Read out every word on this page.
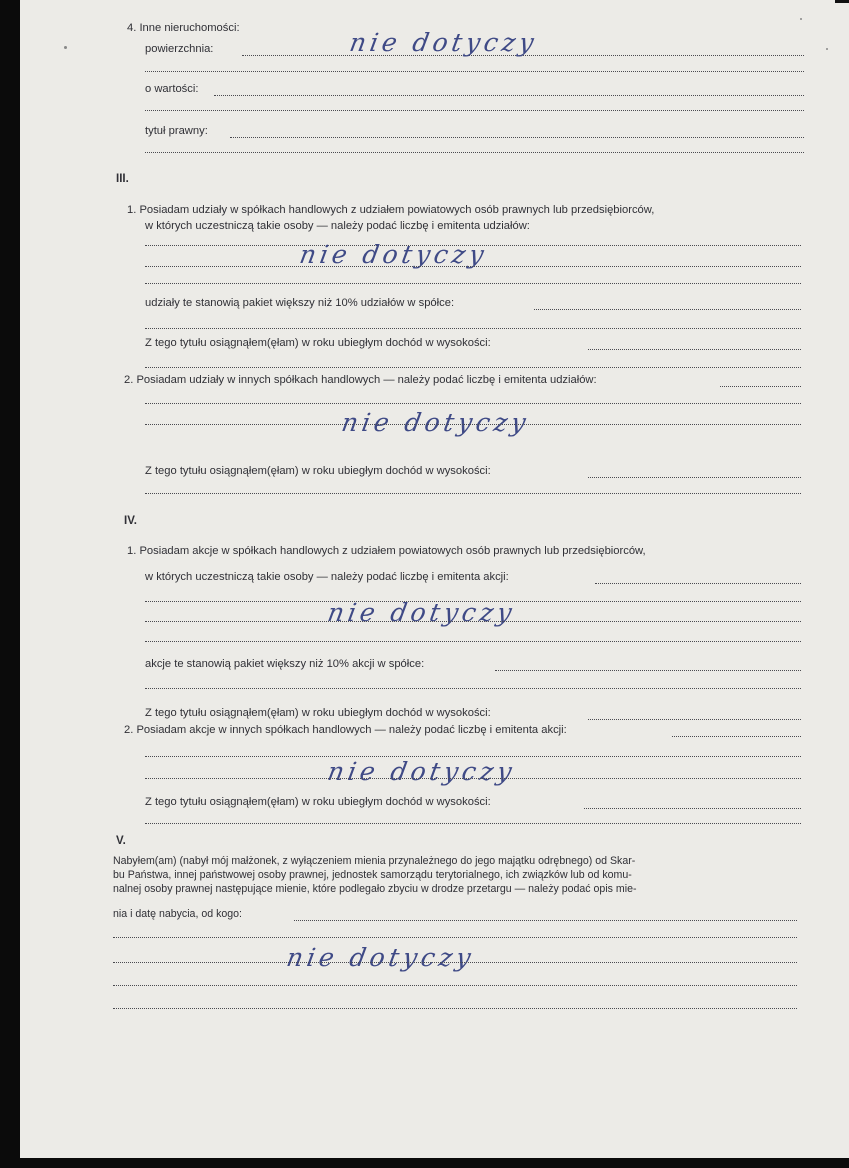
4. Inne nieruchomości:
powierzchnia:	nie dotyczy
o wartości:
tytuł prawny:
III.
1. Posiadam udziały w spółkach handlowych z udziałem powiatowych osób prawnych lub przedsiębiorców,
w których uczestniczą takie osoby — należy podać liczbę i emitenta udziałów:
nie dotyczy
udziały te stanowią pakiet większy niż 10% udziałów w spółce:
Z tego tytułu osiągnąłem(ęłam) w roku ubiegłym dochód w wysokości:
2. Posiadam udziały w innych spółkach handlowych — należy podać liczbę i emitenta udziałów:
nie dotyczy
Z tego tytułu osiągnąłem(ęłam) w roku ubiegłym dochód w wysokości:
IV.
1. Posiadam akcje w spółkach handlowych z udziałem powiatowych osób prawnych lub przedsiębiorców,
w których uczestniczą takie osoby — należy podać liczbę i emitenta akcji:
nie dotyczy
akcje te stanowią pakiet większy niż 10% akcji w spółce:
Z tego tytułu osiągnąłem(ęłam) w roku ubiegłym dochód w wysokości:
2. Posiadam akcje w innych spółkach handlowych — należy podać liczbę i emitenta akcji:
nie dotyczy
Z tego tytułu osiągnąłem(ęłam) w roku ubiegłym dochód w wysokości:
V.
Nabyłem(am) (nabył mój małżonek, z wyłączeniem mienia przynależnego do jego majątku odrębnego) od Skar-
bu Państwa, innej państwowej osoby prawnej, jednostek samorządu terytorialnego, ich związków lub od komu-
nalnej osoby prawnej następujące mienie, które podlegało zbyciu w drodze przetargu — należy podać opis mie-
nia i datę nabycia, od kogo:
nie dotyczy
